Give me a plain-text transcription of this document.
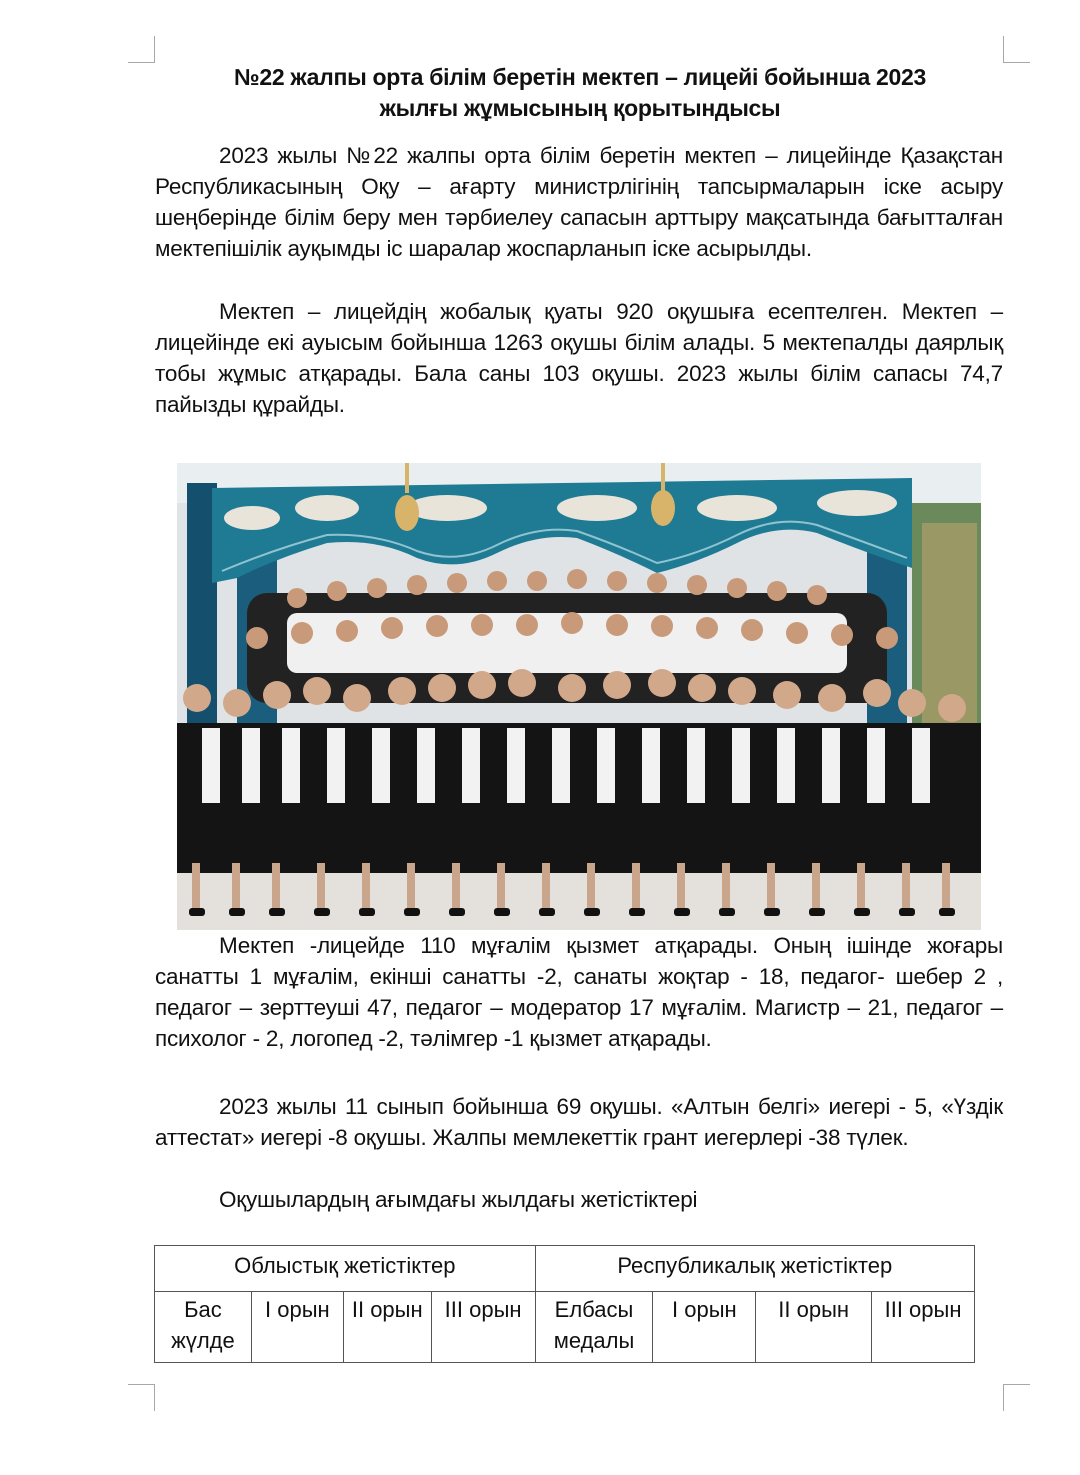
№22 жалпы орта білім беретін мектеп – лицейі бойынша 2023
жылғы жұмысының қорытындысы

2023 жылы №22 жалпы орта білім беретін мектеп – лицейінде Қазақстан Республикасының Оқу – ағарту министрлігінің тапсырмаларын іске асыру шеңберінде білім беру мен тәрбиелеу сапасын арттыру мақсатында бағытталған мектепішілік ауқымды іс шаралар жоспарланып іске асырылды.

Мектеп – лицейдің жобалық қуаты 920 оқушыға есептелген. Мектеп – лицейінде екі ауысым бойынша 1263 оқушы білім алады. 5 мектепалды даярлық тобы жұмыс атқарады. Бала саны 103 оқушы. 2023 жылы білім сапасы 74,7 пайызды құрайды.

Мектеп -лицейде 110 мұғалім қызмет атқарады. Оның ішінде жоғары санатты 1 мұғалім, екінші санатты -2, санаты жоқтар - 18, педагог- шебер 2 , педагог – зерттеуші 47, педагог – модератор 17 мұғалім. Магистр – 21, педагог – психолог - 2, логопед -2, тәлімгер -1 қызмет атқарады.

2023 жылы 11 сынып бойынша 69 оқушы. «Алтын белгі» иегері - 5, «Үздік аттестат» иегері -8 оқушы. Жалпы мемлекеттік грант иегерлері -38 түлек.

Оқушылардың ағымдағы жылдағы жетістіктері

Облыстық жетістіктер				Республикалық жетістіктер			
Бас жүлде	I орын	II орын	III орын	Елбасы медалы	I орын	II орын	III орын
